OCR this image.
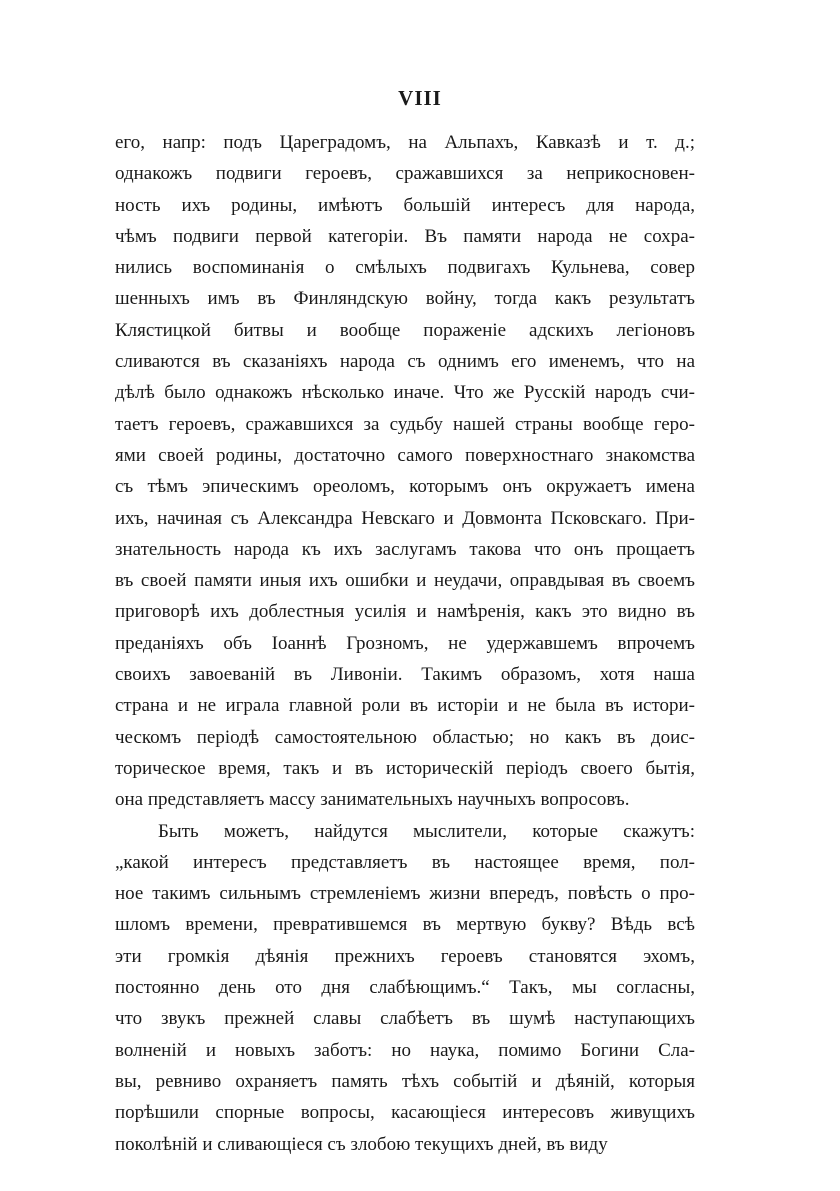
VIII
его, напр: подъ Цареградомъ, на Альпахъ, Кавказѣ и т. д.;
однакожъ подвиги героевъ, сражавшихся за неприкосновен-
ность ихъ родины, имѣютъ большій интересъ для народа,
чѣмъ подвиги первой категоріи. Въ памяти народа не сохра-
нились воспоминанія о смѣлыхъ подвигахъ Кульнева, совер
шенныхъ имъ въ Финляндскую войну, тогда какъ результатъ
Клястицкой битвы и вообще пораженіе адскихъ легіоновъ
сливаются въ сказаніяхъ народа съ однимъ его именемъ, что на
дѣлѣ было однакожъ нѣсколько иначе. Что же Русскій народъ счи-
таетъ героевъ, сражавшихся за судьбу нашей страны вообще геро-
ями своей родины, достаточно самого поверхностнаго знакомства
съ тѣмъ эпическимъ ореоломъ, которымъ онъ окружаетъ имена
ихъ, начиная съ Александра Невскаго и Довмонта Псковскаго. При-
знательность народа къ ихъ заслугамъ такова что онъ прощаетъ
въ своей памяти иныя ихъ ошибки и неудачи, оправдывая въ своемъ
приговорѣ ихъ доблестныя усилія и намѣренія, какъ это видно въ
преданіяхъ объ Іоаннѣ Грозномъ, не удержавшемъ впрочемъ
своихъ завоеваній въ Ливоніи. Такимъ образомъ, хотя наша
страна и не играла главной роли въ исторіи и не была въ истори-
ческомъ періодѣ самостоятельною областью; но какъ въ доис-
торическое время, такъ и въ историческій періодъ своего бытія,
она представляетъ массу занимательныхъ научныхъ вопросовъ.
Быть можетъ, найдутся мыслители, которые скажутъ:
„какой интересъ представляетъ въ настоящее время, пол-
ное такимъ сильнымъ стремленіемъ жизни впередъ, повѣсть о про-
шломъ времени, превратившемся въ мертвую букву? Вѣдь всѣ
эти громкія дѣянія прежнихъ героевъ становятся эхомъ,
постоянно день ото дня слабѣющимъ.“ Такъ, мы согласны,
что звукъ прежней славы слабѣетъ въ шумѣ наступающихъ
волненій и новыхъ заботъ: но наука, помимо Богини Сла-
вы, ревниво охраняетъ память тѣхъ событій и дѣяній, которыя
порѣшили спорные вопросы, касающіеся интересовъ живущихъ
поколѣній и сливающіеся съ злобою текущихъ дней, въ виду
